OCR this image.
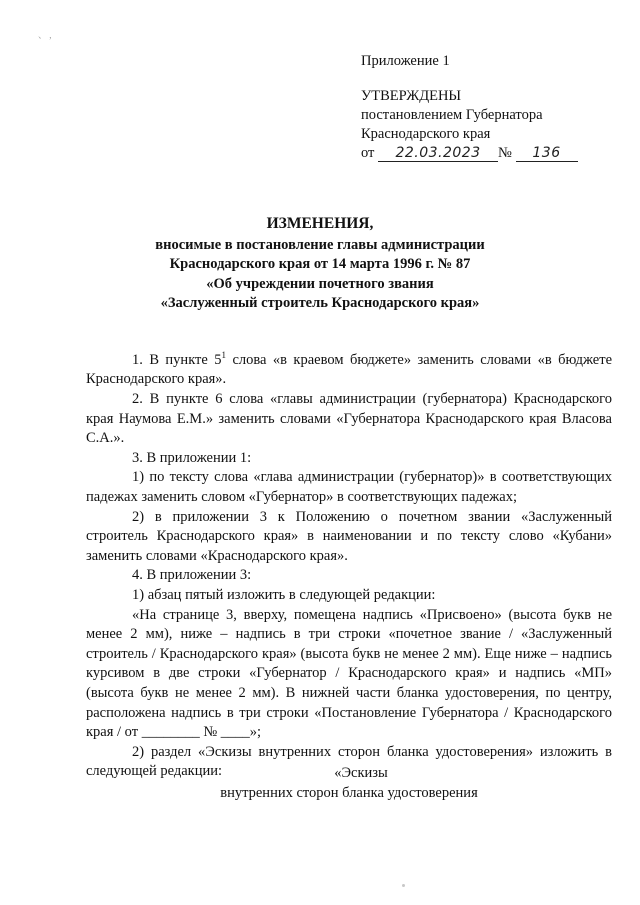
、 ,
Приложение 1
УТВЕРЖДЕНЫ
постановлением Губернатора
Краснодарского края
от 22.03.2023 № 136
ИЗМЕНЕНИЯ,
вносимые в постановление главы администрации
Краснодарского края от 14 марта 1996 г. № 87
«Об учреждении почетного звания
«Заслуженный строитель Краснодарского края»

1. В пункте $5^1$ слова «в краевом бюджете» заменить словами «в бюджете Краснодарского края».

2. В пункте 6 слова «главы администрации (губернатора) Краснодарского края Наумова Е.М.» заменить словами «Губернатора Краснодарского края Власова С.А.».

3. В приложении 1:

1) по тексту слова «глава администрации (губернатор)» в соответствующих падежах заменить словом «Губернатор» в соответствующих падежах;

2) в приложении 3 к Положению о почетном звании «Заслуженный строитель Краснодарского края» в наименовании и по тексту слово «Кубани» заменить словами «Краснодарского края».

4. В приложении 3:

1) абзац пятый изложить в следующей редакции:

«На странице 3, вверху, помещена надпись «Присвоено» (высота букв не менее 2 мм), ниже – надпись в три строки «почетное звание / «Заслуженный строитель / Краснодарского края» (высота букв не менее 2 мм). Еще ниже – надпись курсивом в две строки «Губернатор / Краснодарского края» и надпись «МП» (высота букв не менее 2 мм). В нижней части бланка удостоверения, по центру, расположена надпись в три строки «Постановление Губернатора / Краснодарского края / от ________ № ____»;

2) раздел «Эскизы внутренних сторон бланка удостоверения» изложить в следующей редакции:	«Эскизы
внутренних сторон бланка удостоверения
